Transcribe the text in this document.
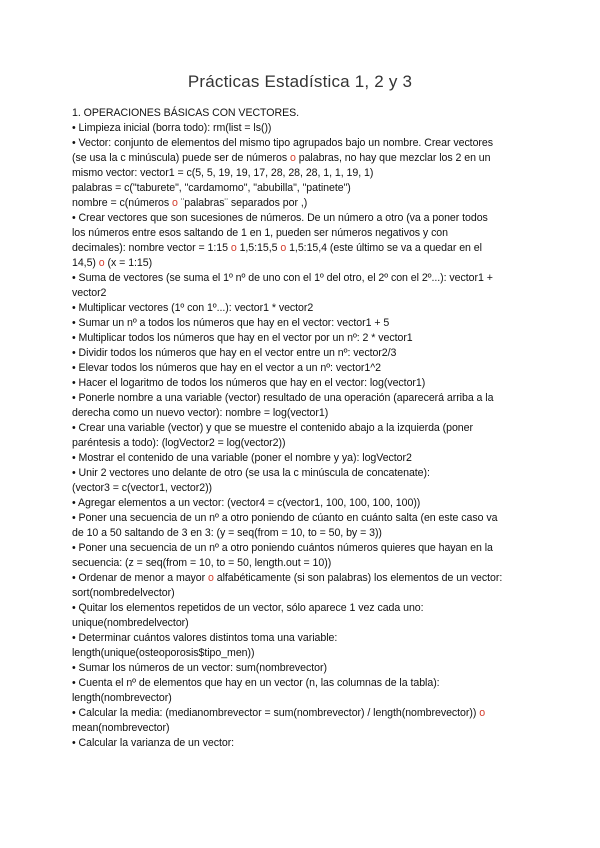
Prácticas Estadística 1, 2 y 3
1. OPERACIONES BÁSICAS CON VECTORES.
• Limpieza inicial (borra todo): rm(list = ls())
• Vector: conjunto de elementos del mismo tipo agrupados bajo un nombre. Crear vectores
(se usa la c minúscula) puede ser de números o palabras, no hay que mezclar los 2 en un
mismo vector: vector1 = c(5, 5, 19, 19, 17, 28, 28, 28, 1, 1, 19, 1)
palabras = c("taburete", "cardamomo", "abubilla", "patinete")
nombre = c(números o ¨palabras¨ separados por ,)
• Crear vectores que son sucesiones de números. De un número a otro (va a poner todos
los números entre esos saltando de 1 en 1, pueden ser números negativos y con
decimales): nombre vector = 1:15 o 1,5:15,5 o 1,5:15,4 (este último se va a quedar en el
14,5) o (x = 1:15)
• Suma de vectores (se suma el 1º nº de uno con el 1º del otro, el 2º con el 2º...): vector1 +
vector2
• Multiplicar vectores (1º con 1º...): vector1 * vector2
• Sumar un nº a todos los números que hay en el vector: vector1 + 5
• Multiplicar todos los números que hay en el vector por un nº: 2 * vector1
• Dividir todos los números que hay en el vector entre un nº: vector2/3
• Elevar todos los números que hay en el vector a un nº: vector1^2
• Hacer el logaritmo de todos los números que hay en el vector: log(vector1)
• Ponerle nombre a una variable (vector) resultado de una operación (aparecerá arriba a la
derecha como un nuevo vector): nombre = log(vector1)
• Crear una variable (vector) y que se muestre el contenido abajo a la izquierda (poner
paréntesis a todo): (logVector2 = log(vector2))
• Mostrar el contenido de una variable (poner el nombre y ya): logVector2
• Unir 2 vectores uno delante de otro (se usa la c minúscula de concatenate):
(vector3 = c(vector1, vector2))
• Agregar elementos a un vector: (vector4 = c(vector1, 100, 100, 100, 100))
• Poner una secuencia de un nº a otro poniendo de cúanto en cuánto salta (en este caso va
de 10 a 50 saltando de 3 en 3: (y = seq(from = 10, to = 50, by = 3))
• Poner una secuencia de un nº a otro poniendo cuántos números quieres que hayan en la
secuencia: (z = seq(from = 10, to = 50, length.out = 10))
• Ordenar de menor a mayor o alfabéticamente (si son palabras) los elementos de un vector:
sort(nombredelvector)
• Quitar los elementos repetidos de un vector, sólo aparece 1 vez cada uno:
unique(nombredelvector)
• Determinar cuántos valores distintos toma una variable:
length(unique(osteoporosis$tipo_men))
• Sumar los números de un vector: sum(nombrevector)
• Cuenta el nº de elementos que hay en un vector (n, las columnas de la tabla):
length(nombrevector)
• Calcular la media: (medianombrevector = sum(nombrevector) / length(nombrevector)) o
mean(nombrevector)
• Calcular la varianza de un vector:
